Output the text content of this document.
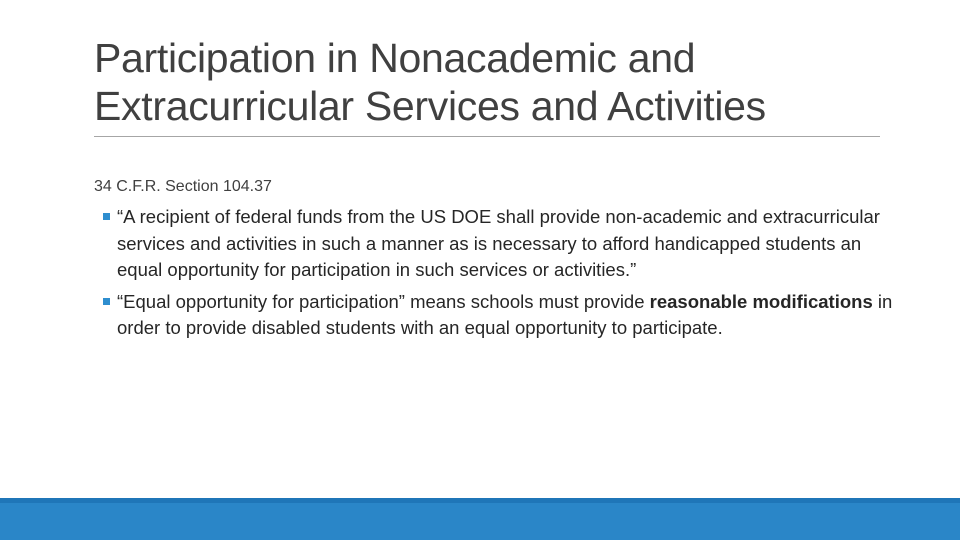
Participation in Nonacademic and Extracurricular Services and Activities
34 C.F.R. Section 104.37
“A recipient of federal funds from the US DOE shall provide non-academic and extracurricular services and activities in such a manner as is necessary to afford handicapped students an equal opportunity for participation in such services or activities.”
“Equal opportunity for participation” means schools must provide reasonable modifications in order to provide disabled students with an equal opportunity to participate.
